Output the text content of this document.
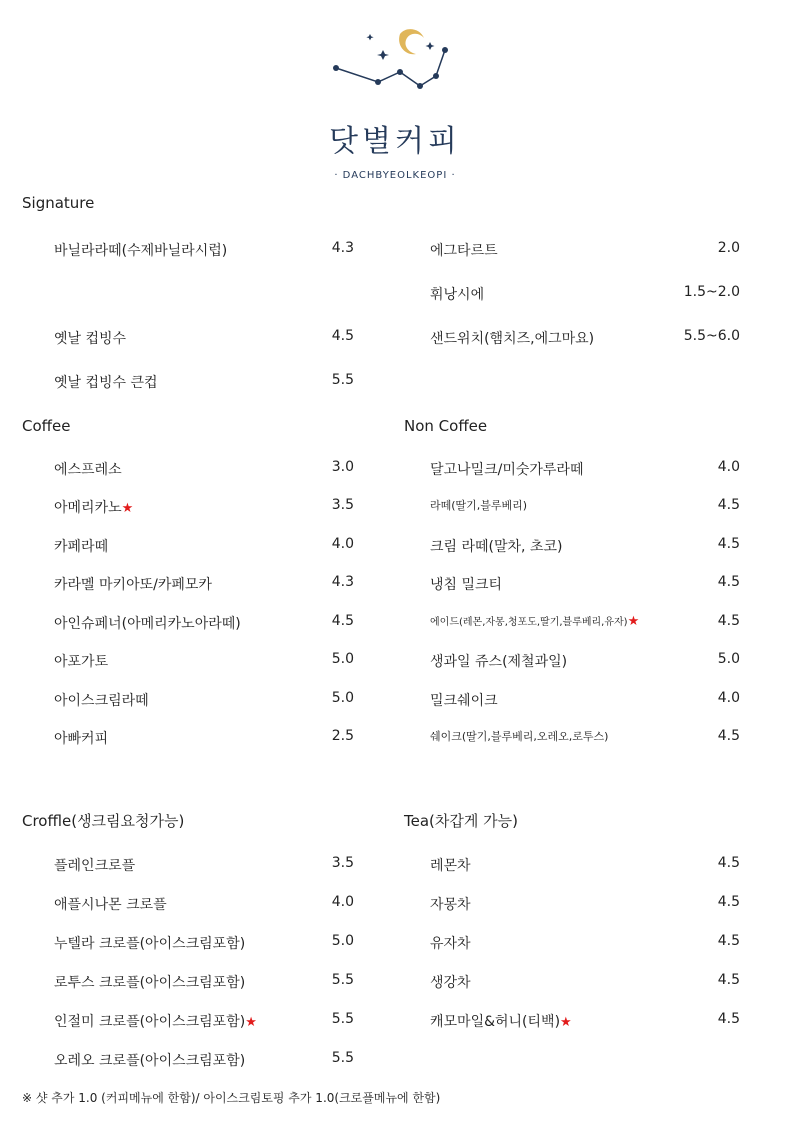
닷별커피
· DACHBYEOLKEOPI ·
Signature
바닐라라떼(수제바닐라시럽)	4.3
옛날 컵빙수	4.5
옛날 컵빙수 큰컵	5.5
에그타르트	2.0
휘낭시에	1.5~2.0
샌드위치(햄치즈,에그마요)	5.5~6.0
Coffee
에스프레소	3.0
아메리카노★	3.5
카페라떼	4.0
카라멜 마키아또/카페모카	4.3
아인슈페너(아메리카노아라떼)	4.5
아포가토	5.0
아이스크림라떼	5.0
아빠커피	2.5
Non Coffee
달고나밀크/미숫가루라떼	4.0
라떼(딸기,블루베리)	4.5
크림 라떼(말차, 초코)	4.5
냉침 밀크티	4.5
에이드(레몬,자몽,청포도,딸기,블루베리,유자)★	4.5
생과일 쥬스(제철과일)	5.0
밀크쉐이크	4.0
쉐이크(딸기,블루베리,오레오,로투스)	4.5
Croffle(생크림요청가능)
플레인크로플	3.5
애플시나몬 크로플	4.0
누텔라 크로플(아이스크림포함)	5.0
로투스 크로플(아이스크림포함)	5.5
인절미 크로플(아이스크림포함)★	5.5
오레오 크로플(아이스크림포함)	5.5
Tea(차갑게 가능)
레몬차	4.5
자몽차	4.5
유자차	4.5
생강차	4.5
캐모마일&허니(티백)★	4.5
※ 샷 추가 1.0 (커피메뉴에 한함)/ 아이스크림토핑 추가 1.0(크로플메뉴에 한함)
